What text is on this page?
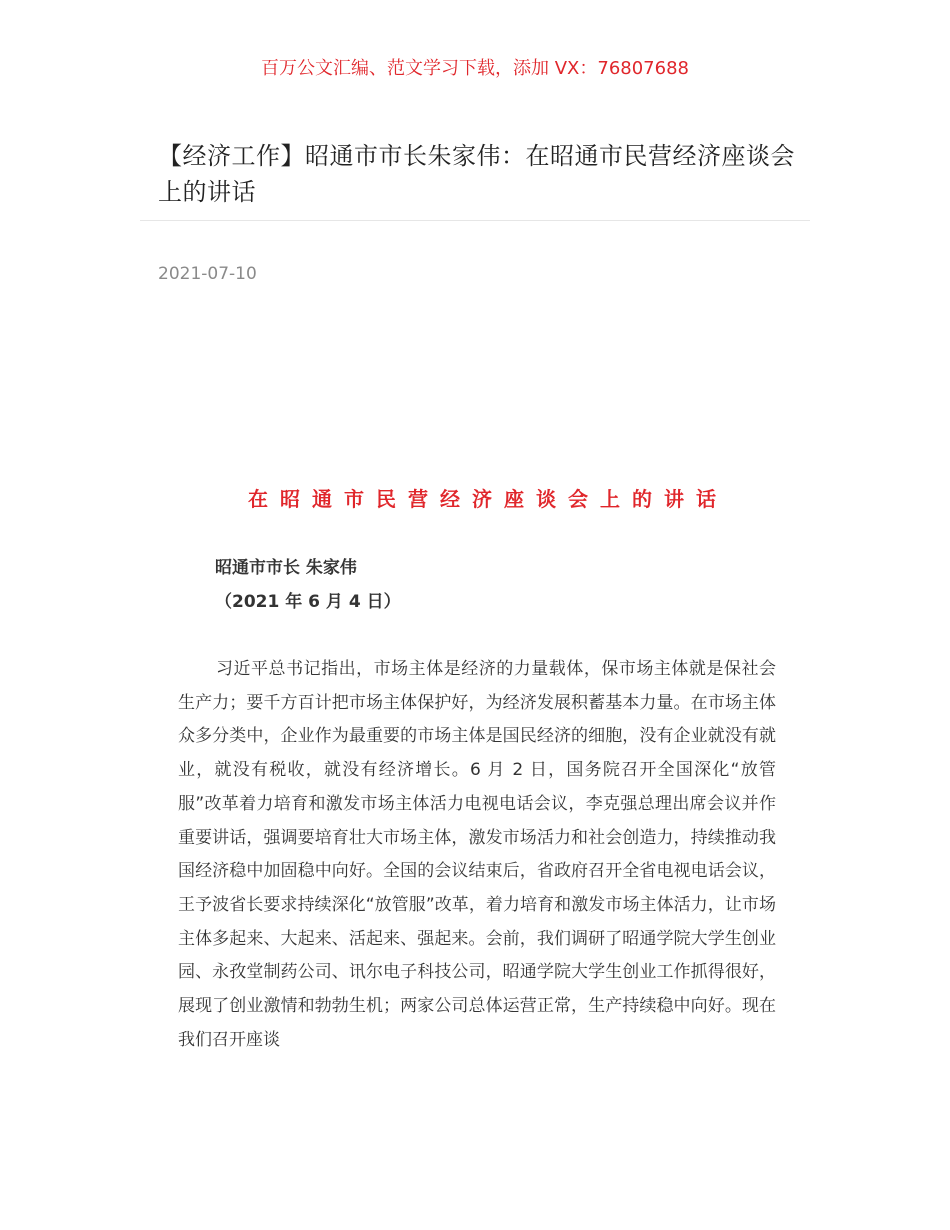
百万公文汇编、范文学习下载，添加 VX：76807688
【经济工作】昭通市市长朱家伟：在昭通市民营经济座谈会上的讲话
2021-07-10
在昭通市民营经济座谈会上的讲话
昭通市市长 朱家伟
（2021 年 6 月 4 日）

习近平总书记指出，市场主体是经济的力量载体，保市场主体就是保社会生产力；要千方百计把市场主体保护好，为经济发展积蓄基本力量。在市场主体众多分类中，企业作为最重要的市场主体是国民经济的细胞，没有企业就没有就业，就没有税收，就没有经济增长。6 月 2 日，国务院召开全国深化“放管服”改革着力培育和激发市场主体活力电视电话会议，李克强总理出席会议并作重要讲话，强调要培育壮大市场主体，激发市场活力和社会创造力，持续推动我国经济稳中加固稳中向好。全国的会议结束后，省政府召开全省电视电话会议，王予波省长要求持续深化“放管服”改革，着力培育和激发市场主体活力，让市场主体多起来、大起来、活起来、强起来。会前，我们调研了昭通学院大学生创业园、永孜堂制药公司、讯尔电子科技公司，昭通学院大学生创业工作抓得很好，展现了创业激情和勃勃生机；两家公司总体运营正常，生产持续稳中向好。现在我们召开座谈
